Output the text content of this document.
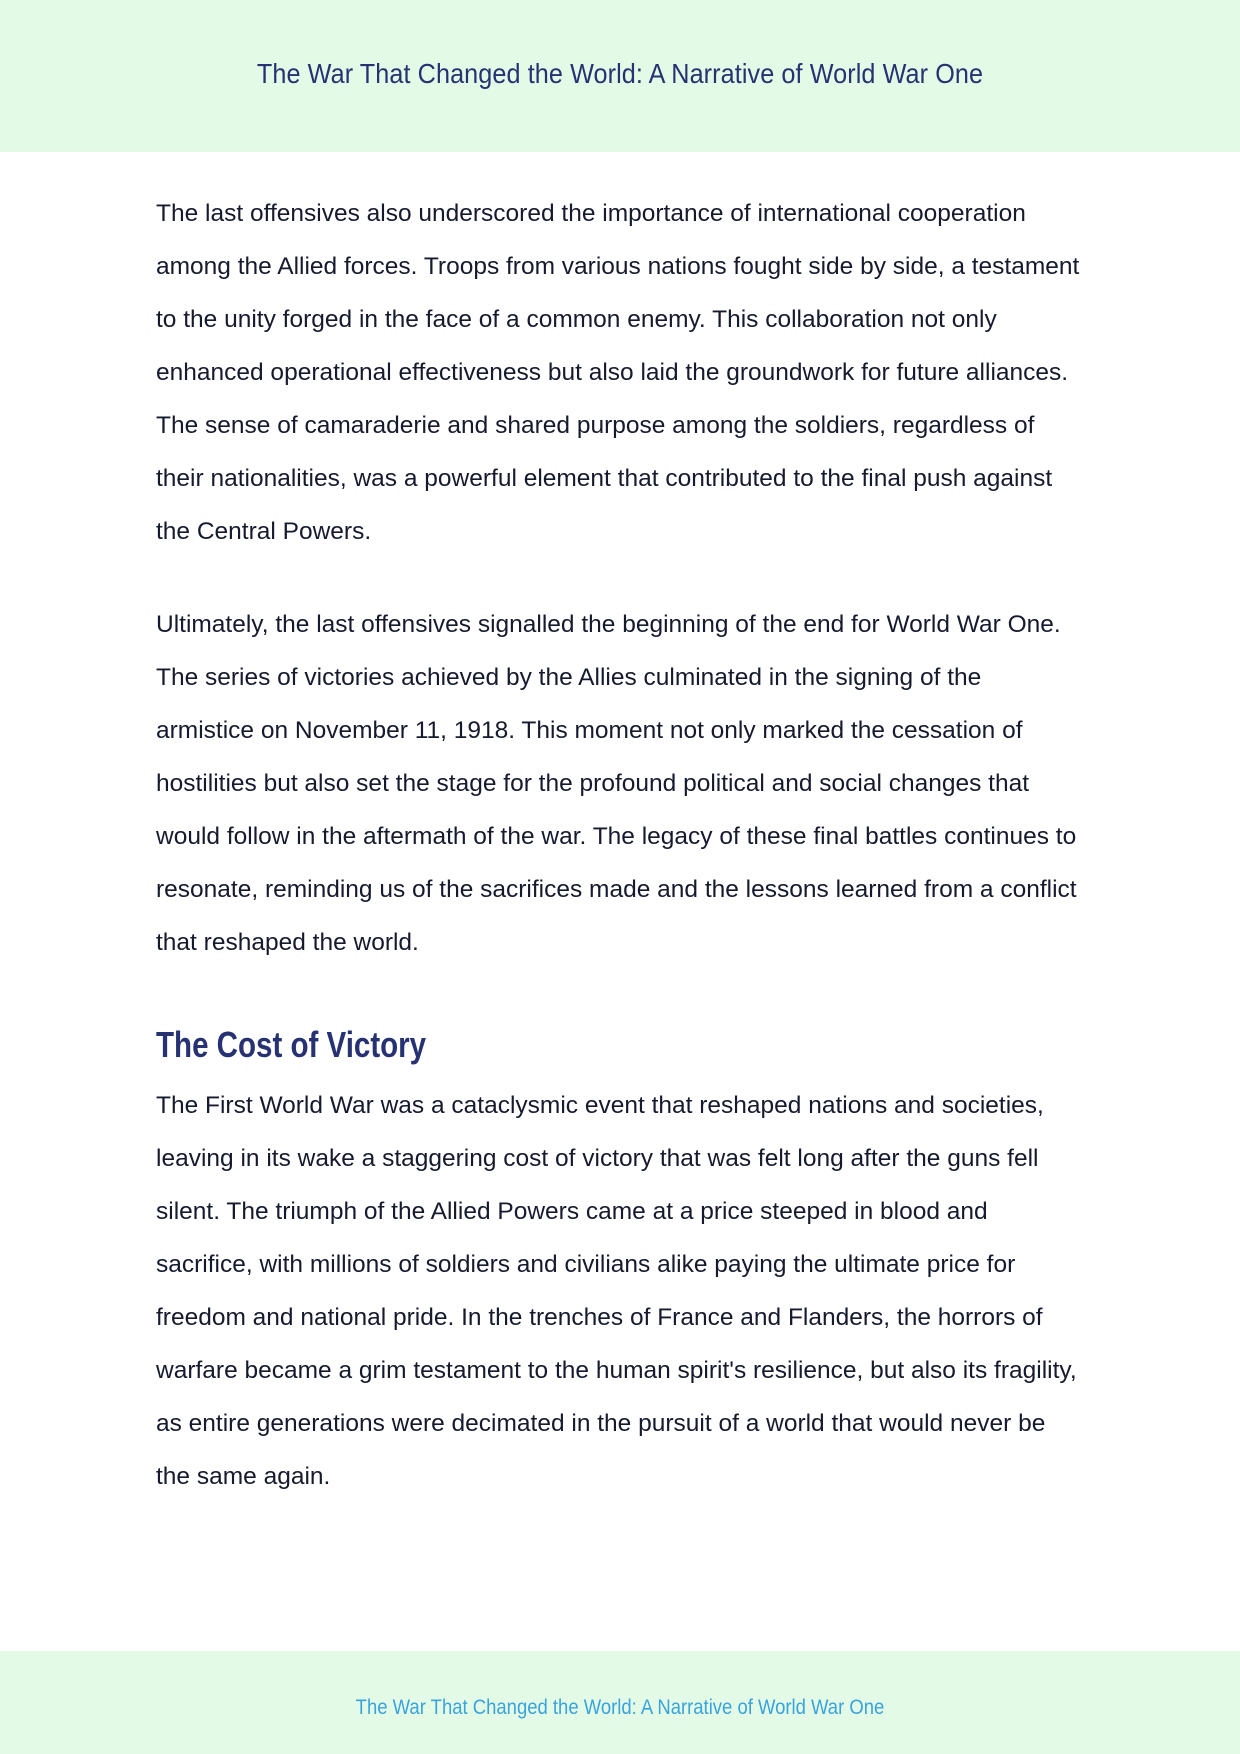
The War That Changed the World: A Narrative of World War One

The last offensives also underscored the importance of international cooperation among the Allied forces. Troops from various nations fought side by side, a testament to the unity forged in the face of a common enemy. This collaboration not only enhanced operational effectiveness but also laid the groundwork for future alliances. The sense of camaraderie and shared purpose among the soldiers, regardless of their nationalities, was a powerful element that contributed to the final push against the Central Powers.

Ultimately, the last offensives signalled the beginning of the end for World War One. The series of victories achieved by the Allies culminated in the signing of the armistice on November 11, 1918. This moment not only marked the cessation of hostilities but also set the stage for the profound political and social changes that would follow in the aftermath of the war. The legacy of these final battles continues to resonate, reminding us of the sacrifices made and the lessons learned from a conflict that reshaped the world.

The Cost of Victory

The First World War was a cataclysmic event that reshaped nations and societies, leaving in its wake a staggering cost of victory that was felt long after the guns fell silent. The triumph of the Allied Powers came at a price steeped in blood and sacrifice, with millions of soldiers and civilians alike paying the ultimate price for freedom and national pride. In the trenches of France and Flanders, the horrors of warfare became a grim testament to the human spirit's resilience, but also its fragility, as entire generations were decimated in the pursuit of a world that would never be the same again.

The War That Changed the World: A Narrative of World War One
